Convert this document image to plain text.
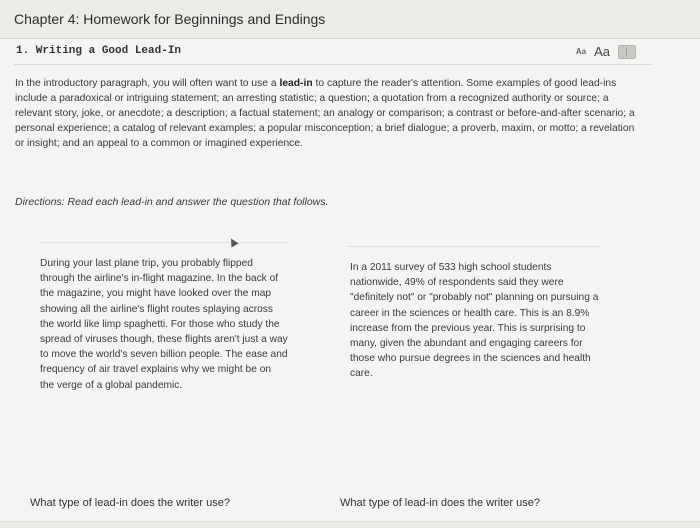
Chapter 4: Homework for Beginnings and Endings
1. Writing a Good Lead-In	Aa Aa
In the introductory paragraph, you will often want to use a lead-in to capture the reader's attention. Some examples of good lead-ins include a paradoxical or intriguing statement; an arresting statistic; a question; a quotation from a recognized authority or source; a relevant story, joke, or anecdote; a description; a factual statement; an analogy or comparison; a contrast or before-and-after scenario; a personal experience; a catalog of relevant examples; a popular misconception; a brief dialogue; a proverb, maxim, or motto; a revelation or insight; and an appeal to a common or imagined experience.
Directions: Read each lead-in and answer the question that follows.
During your last plane trip, you probably flipped through the airline's in-flight magazine. In the back of the magazine, you might have looked over the map showing all the airline's flight routes splaying across the world like limp spaghetti. For those who study the spread of viruses though, these flights aren't just a way to move the world's seven billion people. The ease and frequency of air travel explains why we might be on the verge of a global pandemic.
In a 2011 survey of 533 high school students nationwide, 49% of respondents said they were "definitely not" or "probably not" planning on pursuing a career in the sciences or health care. This is an 8.9% increase from the previous year. This is surprising to many, given the abundant and engaging careers for those who pursue degrees in the sciences and health care.
What type of lead-in does the writer use?	What type of lead-in does the writer use?
